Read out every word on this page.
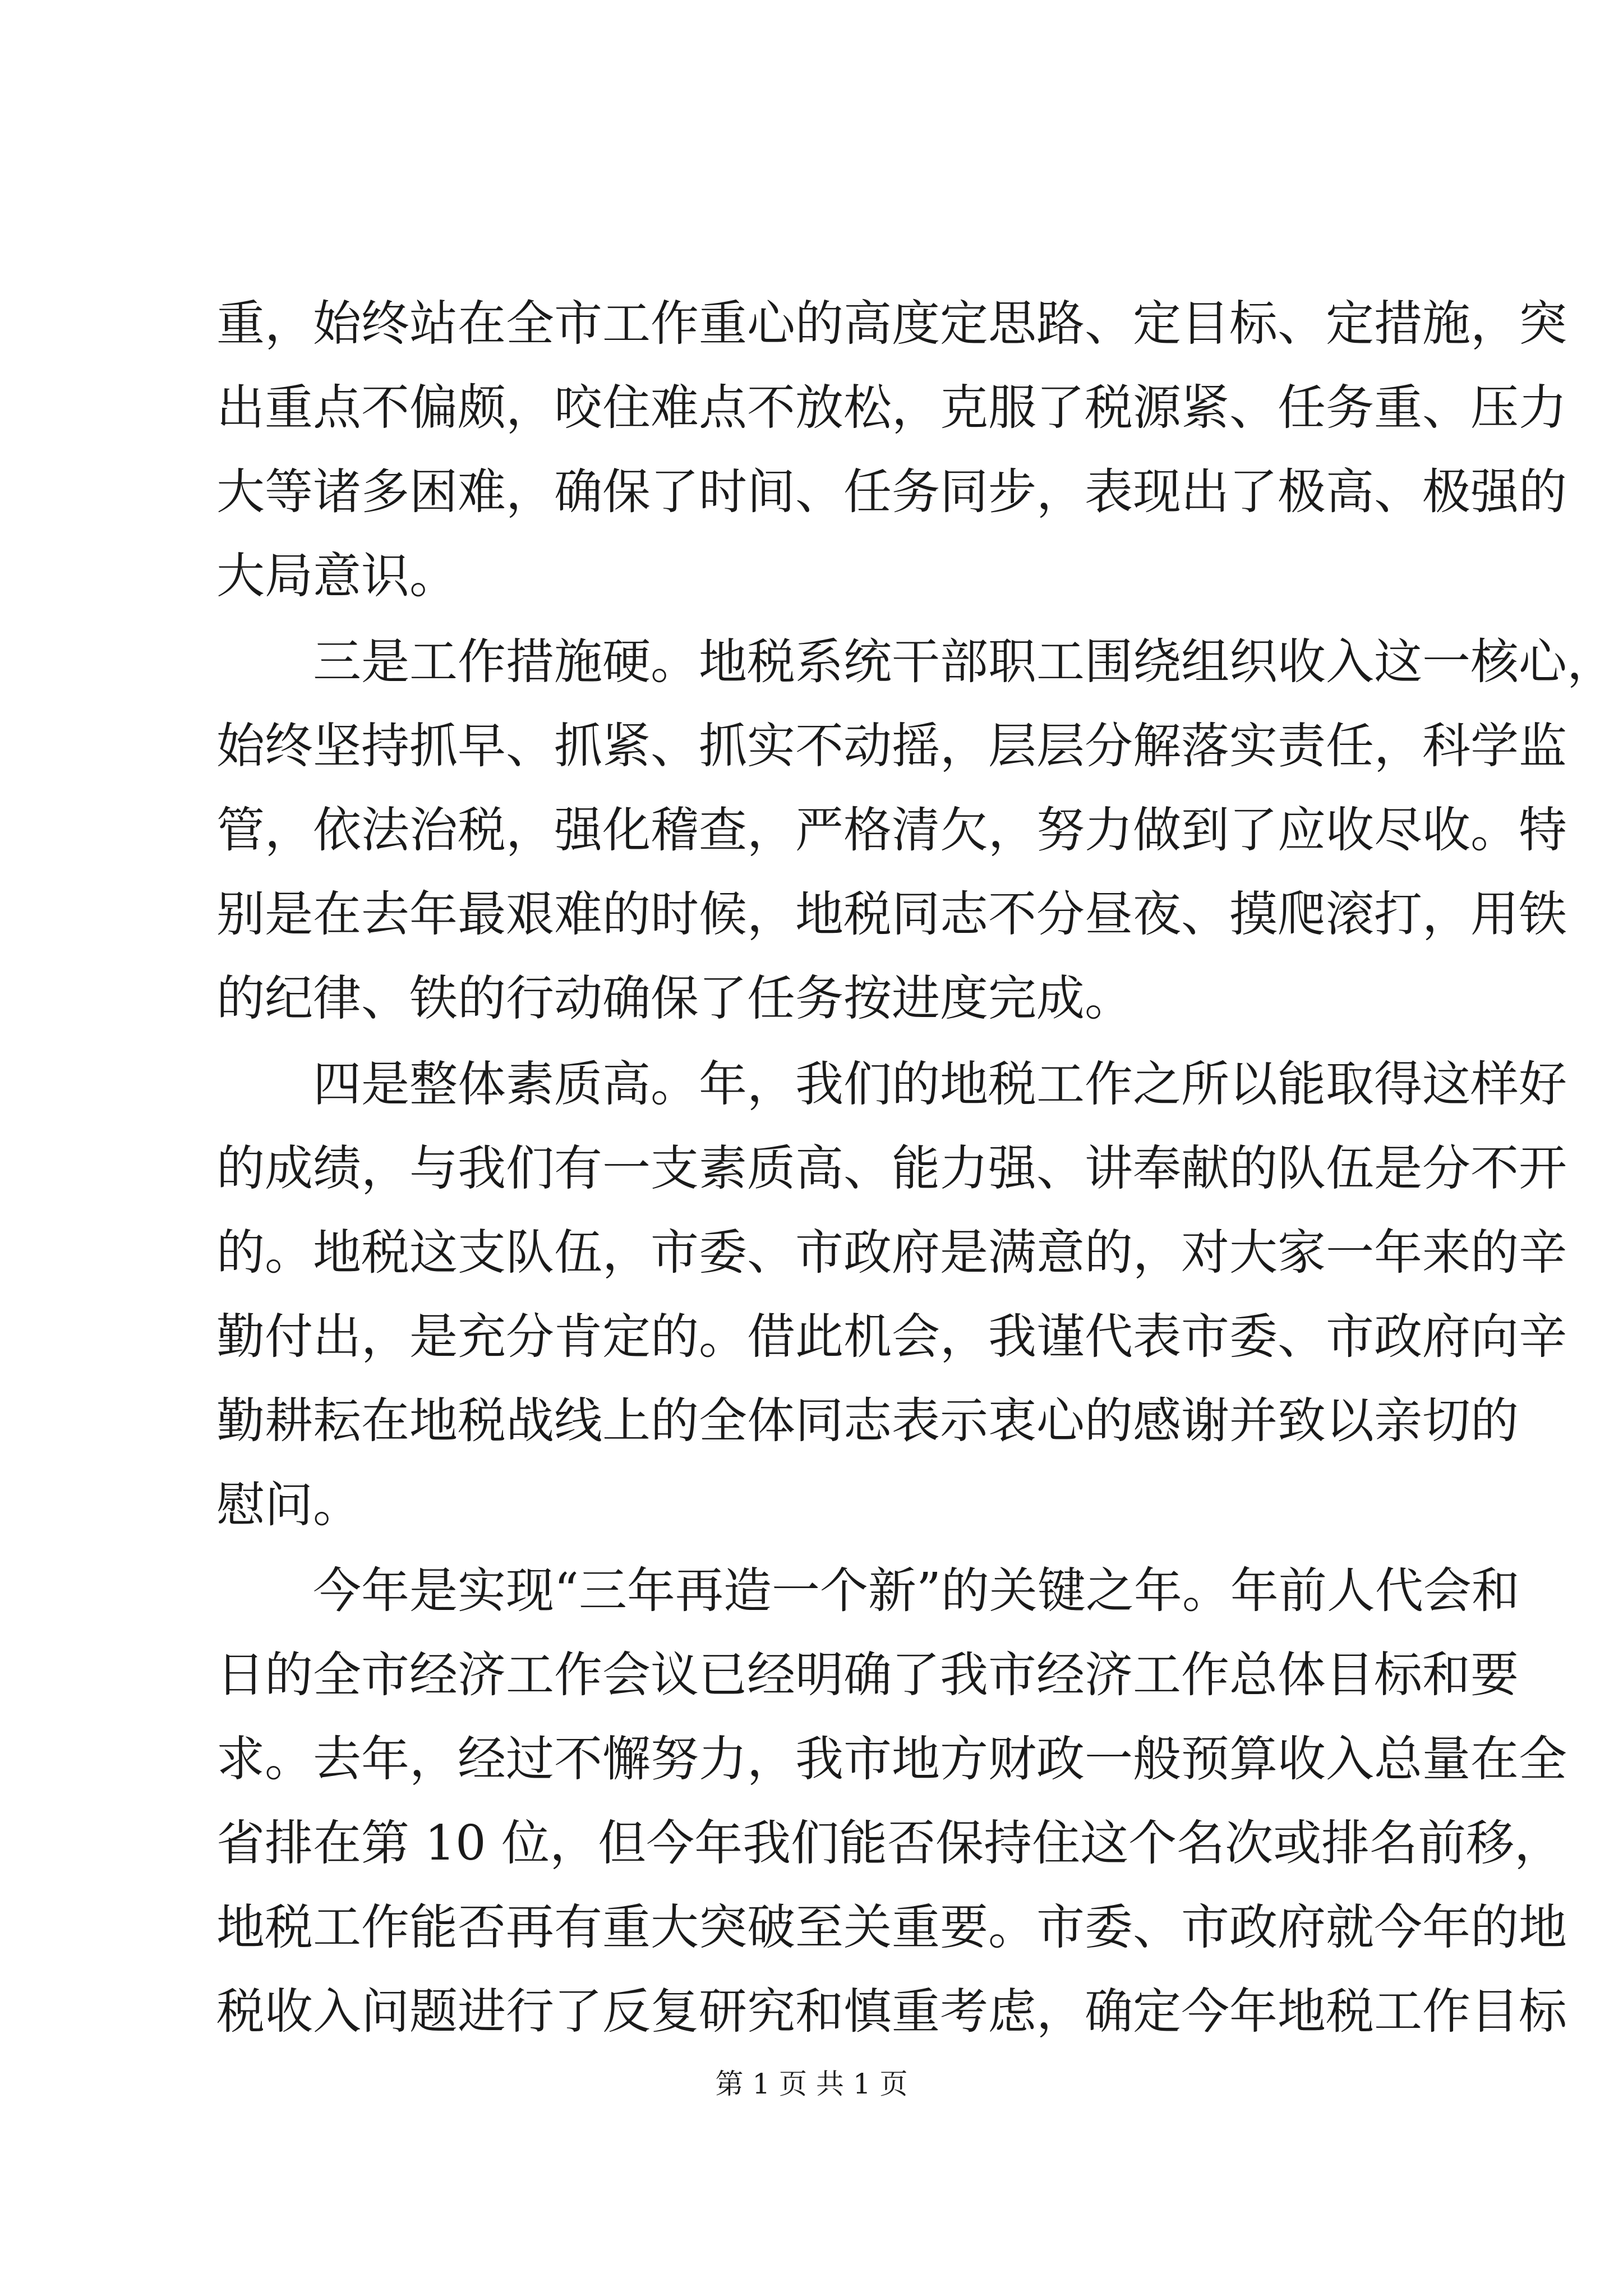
重，始终站在全市工作重心的高度定思路、定目标、定措施，突
出重点不偏颇，咬住难点不放松，克服了税源紧、任务重、压力
大等诸多困难，确保了时间、任务同步，表现出了极高、极强的
大局意识。
三是工作措施硬。地税系统干部职工围绕组织收入这一核心，
始终坚持抓早、抓紧、抓实不动摇，层层分解落实责任，科学监
管，依法治税，强化稽查，严格清欠，努力做到了应收尽收。特
别是在去年最艰难的时候，地税同志不分昼夜、摸爬滚打，用铁
的纪律、铁的行动确保了任务按进度完成。
四是整体素质高。年，我们的地税工作之所以能取得这样好
的成绩，与我们有一支素质高、能力强、讲奉献的队伍是分不开
的。地税这支队伍，市委、市政府是满意的，对大家一年来的辛
勤付出，是充分肯定的。借此机会，我谨代表市委、市政府向辛
勤耕耘在地税战线上的全体同志表示衷心的感谢并致以亲切的
慰问。
今年是实现“三年再造一个新”的关键之年。年前人代会和
日的全市经济工作会议已经明确了我市经济工作总体目标和要
求。去年，经过不懈努力，我市地方财政一般预算收入总量在全
省排在第 10 位，但今年我们能否保持住这个名次或排名前移，
地税工作能否再有重大突破至关重要。市委、市政府就今年的地
税收入问题进行了反复研究和慎重考虑，确定今年地税工作目标
第 1 页 共 1 页
